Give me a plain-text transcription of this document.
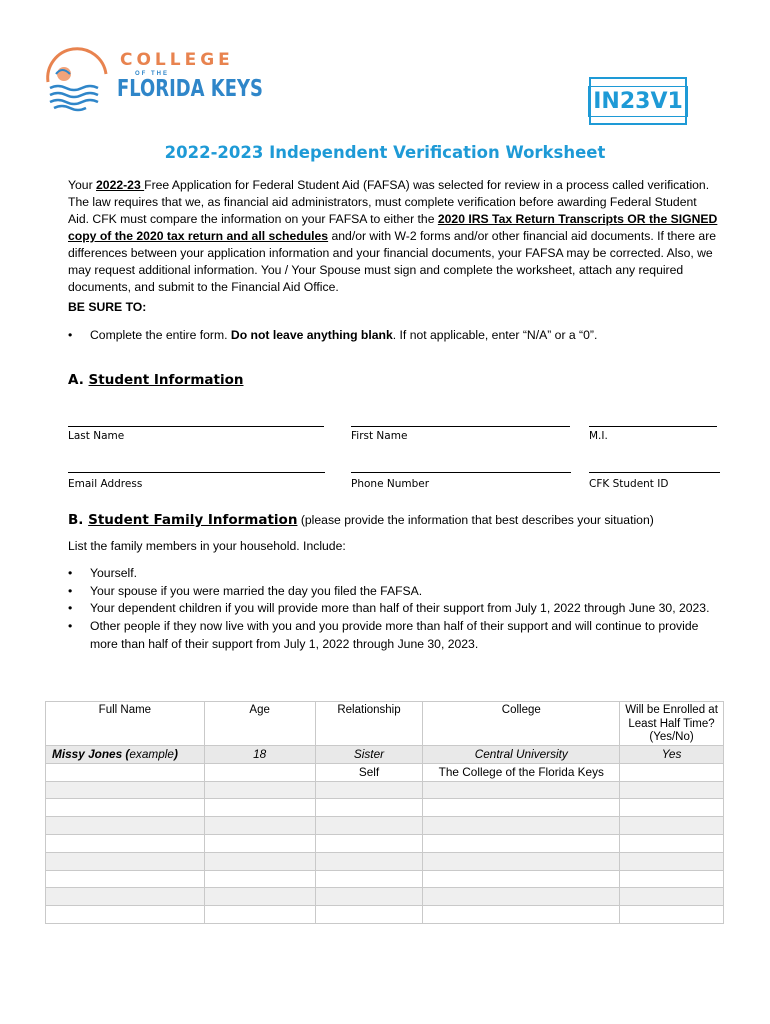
COLLEGE
OF THE
FLORIDA KEYS	IN23V1
2022-2023 Independent Verification Worksheet
Your 2022-23 Free Application for Federal Student Aid (FAFSA) was selected for review in a process called verification. The law requires that we, as financial aid administrators, must complete verification before awarding Federal Student Aid. CFK must compare the information on your FAFSA to either the 2020 IRS Tax Return Transcripts OR the SIGNED copy of the 2020 tax return and all schedules and/or with W-2 forms and/or other financial aid documents. If there are differences between your application information and your financial documents, your FAFSA may be corrected. Also, we may request additional information. You / Your Spouse must sign and complete the worksheet, attach any required documents, and submit to the Financial Aid Office.
BE SURE TO:
• Complete the entire form. Do not leave anything blank. If not applicable, enter “N/A” or a “0”.
A. Student Information
Last Name	First Name	M.I.
Email Address	Phone Number	CFK Student ID
B. Student Family Information (please provide the information that best describes your situation)
List the family members in your household. Include:
• Yourself.
• Your spouse if you were married the day you filed the FAFSA.
• Your dependent children if you will provide more than half of their support from July 1, 2022 through June 30, 2023.
• Other people if they now live with you and you provide more than half of their support and will continue to provide more than half of their support from July 1, 2022 through June 30, 2023.
Full Name	Age	Relationship	College	Will be Enrolled at Least Half Time? (Yes/No)
Missy Jones (example)	18	Sister	Central University	Yes
		Self	The College of the Florida Keys	
